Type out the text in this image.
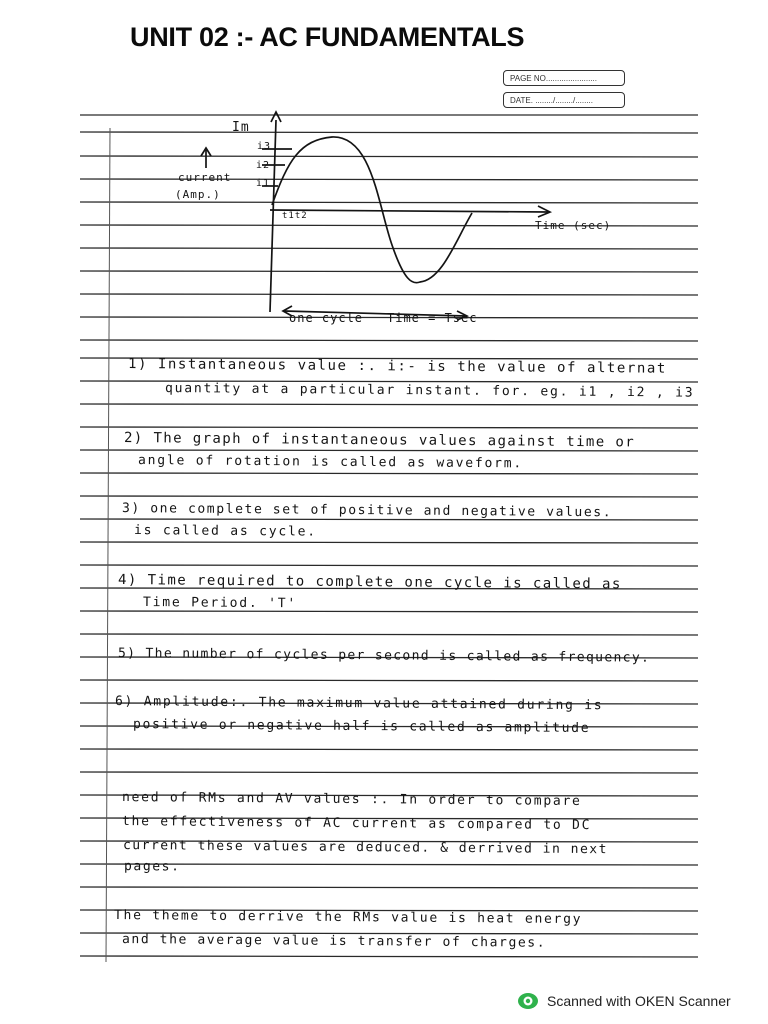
UNIT 02 :- AC FUNDAMENTALS
PAGE NO.......................
DATE. ......../......../........

Im

i3

i2

i1

current

(Amp.)

t1t2

Time (sec)

one cycle Time = Tsec

1) Instantaneous value :. i:- is the value of alternat

quantity at a particular instant. for. eg. i1 , i2 , i3

2) The graph of instantaneous values against time or

angle of rotation is called as waveform.

3) one complete set of positive and negative values.

is called as cycle.

4) Time required to complete one cycle is called as

Time Period. 'T'

5) The number of cycles per second is called as frequency.

6) Amplitude:. The maximum value attained during is

positive or negative half is called as amplitude

need of RMs and AV values :. In order to compare

the effectiveness of AC current as compared to DC

current these values are deduced. & derrived in next

pages.

The theme to derrive the RMs value is heat energy

and the average value is transfer of charges.

Scanned with OKEN Scanner
